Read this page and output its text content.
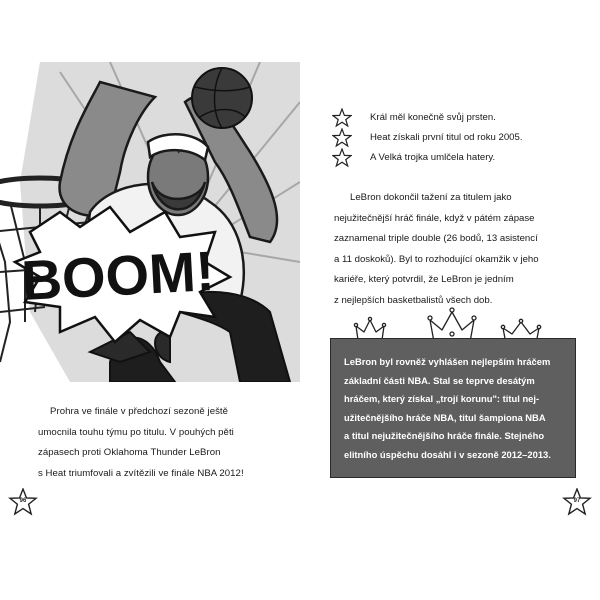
✓
BOOM!

Prohra ve finále v předchozí sezoně ještě

umocnila touhu týmu po titulu. V pouhých pěti

zápasech proti Oklahoma Thunder LeBron

s Heat triumfovali a zvítězili ve finále NBA 2012!

Král měl konečně svůj prsten.
Heat získali první titul od roku 2005.
A Velká trojka umlčela hatery.

LeBron dokončil tažení za titulem jako

nejužitečnější hráč finále, když v pátém zápase

zaznamenal triple double (26 bodů, 13 asistencí

a 11 doskoků). Byl to rozhodující okamžik v jeho

kariéře, který potvrdil, že LeBron je jedním

z nejlepších basketbalistů všech dob.

LeBron byl rovněž vyhlášen nejlepším hráčem

základní části NBA. Stal se teprve desátým

hráčem, který získal „trojí korunu": titul nej-

užitečnějšího hráče NBA, titul šampiona NBA

a titul nejužitečnějšího hráče finále. Stejného

elitního úspěchu dosáhl i v sezoně 2012–2013.

96	97
